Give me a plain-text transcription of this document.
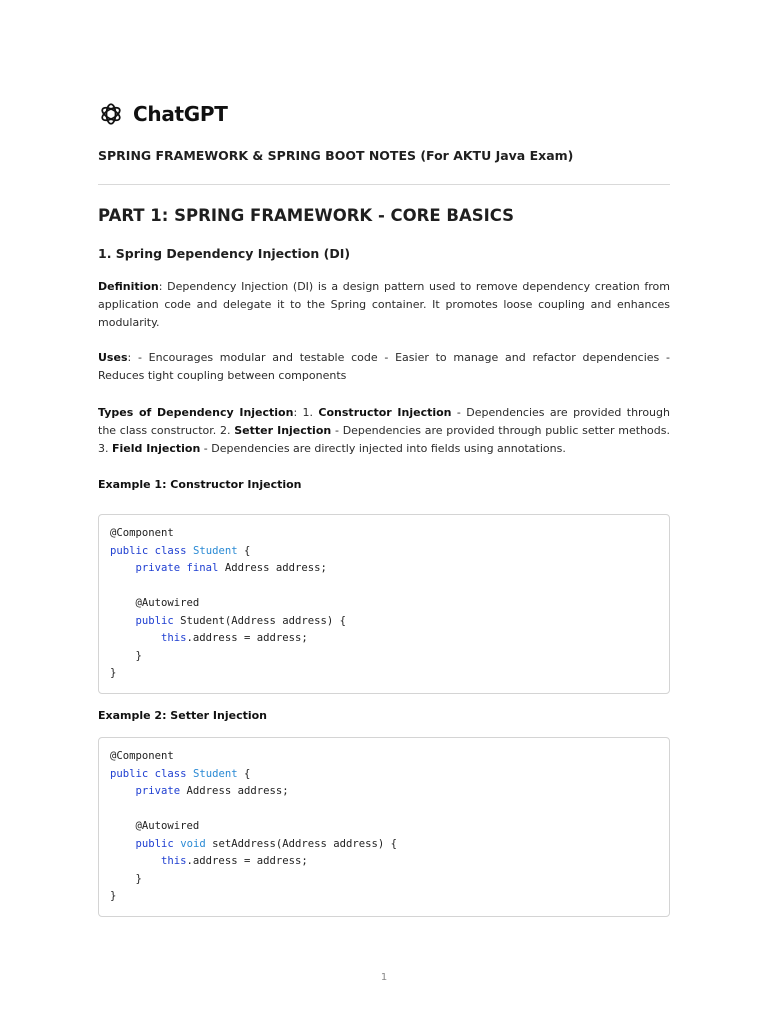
ChatGPT

SPRING FRAMEWORK & SPRING BOOT NOTES (For AKTU Java Exam)

PART 1: SPRING FRAMEWORK - CORE BASICS
1. Spring Dependency Injection (DI)

Definition: Dependency Injection (DI) is a design pattern used to remove dependency creation from application code and delegate it to the Spring container. It promotes loose coupling and enhances modularity.

Uses: - Encourages modular and testable code - Easier to manage and refactor dependencies - Reduces tight coupling between components

Types of Dependency Injection: 1. Constructor Injection - Dependencies are provided through the class constructor. 2. Setter Injection - Dependencies are provided through public setter methods. 3. Field Injection - Dependencies are directly injected into fields using annotations.

Example 1: Constructor Injection

@Component
public class Student {
private final Address address;

@Autowired
public Student(Address address) {
this.address = address;
}
}

Example 2: Setter Injection

@Component
public class Student {
private Address address;

@Autowired
public void setAddress(Address address) {
this.address = address;
}
}
1
